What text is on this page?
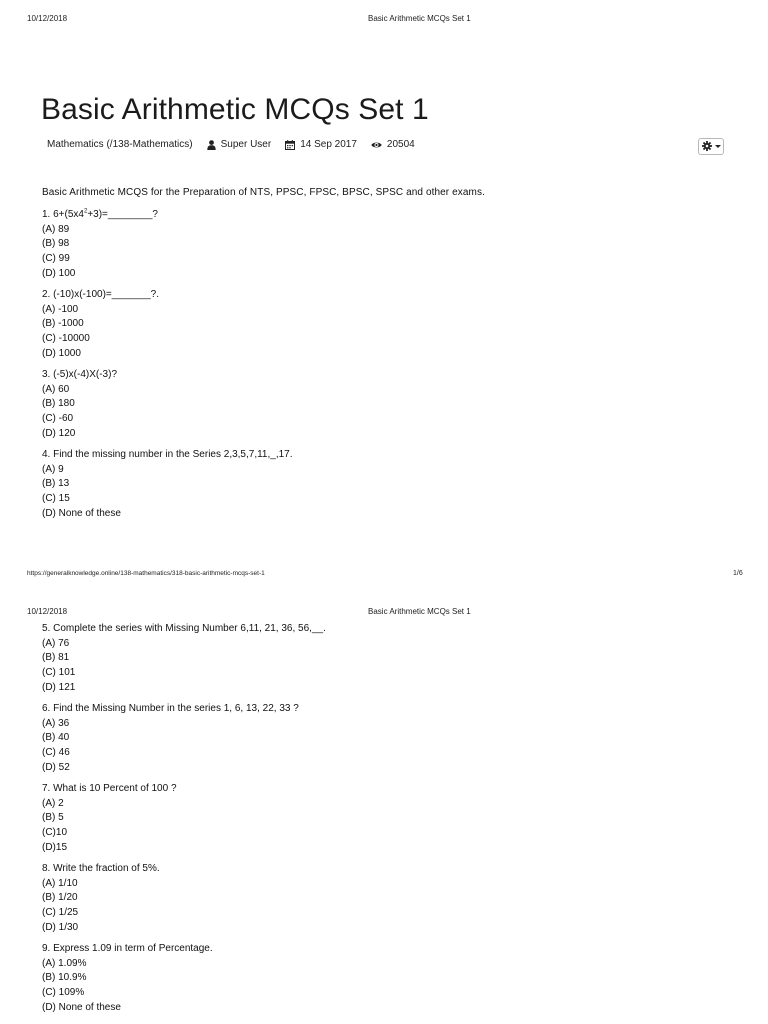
10/12/2018	Basic Arithmetic MCQs Set 1
Basic Arithmetic MCQs Set 1
Mathematics (/138-Mathematics)	Super User	14 Sep 2017	20504
Basic Arithmetic MCQS for the Preparation of NTS, PPSC, FPSC, BPSC, SPSC and other exams.
1. $6+(5x4^2+3)=\_\_\_\_\_\_\_\_$?
(A) 89
(B) 98
(C) 99
(D) 100
2. (-10)x(-100)=_______?.
(A) -100
(B) -1000
(C) -10000
(D) 1000
3. (-5)x(-4)X(-3)?
(A) 60
(B) 180
(C) -60
(D) 120
4. Find the missing number in the Series 2,3,5,7,11,_,17.
(A) 9
(B) 13
(C) 15
(D) None of these
https://generalknowledge.online/138-mathematics/318-basic-arithmetic-mcqs-set-1	1/6
10/12/2018	Basic Arithmetic MCQs Set 1
5. Complete the series with Missing Number 6,11, 21, 36, 56,__.
(A) 76
(B) 81
(C) 101
(D) 121
6. Find the Missing Number in the series 1, 6, 13, 22, 33 ?
(A) 36
(B) 40
(C) 46
(D) 52
7. What is 10 Percent of 100 ?
(A) 2
(B) 5
(C)10
(D)15
8. Write the fraction of 5%.
(A) 1/10
(B) 1/20
(C) 1/25
(D) 1/30
9. Express 1.09 in term of Percentage.
(A) 1.09%
(B) 10.9%
(C) 109%
(D) None of these
